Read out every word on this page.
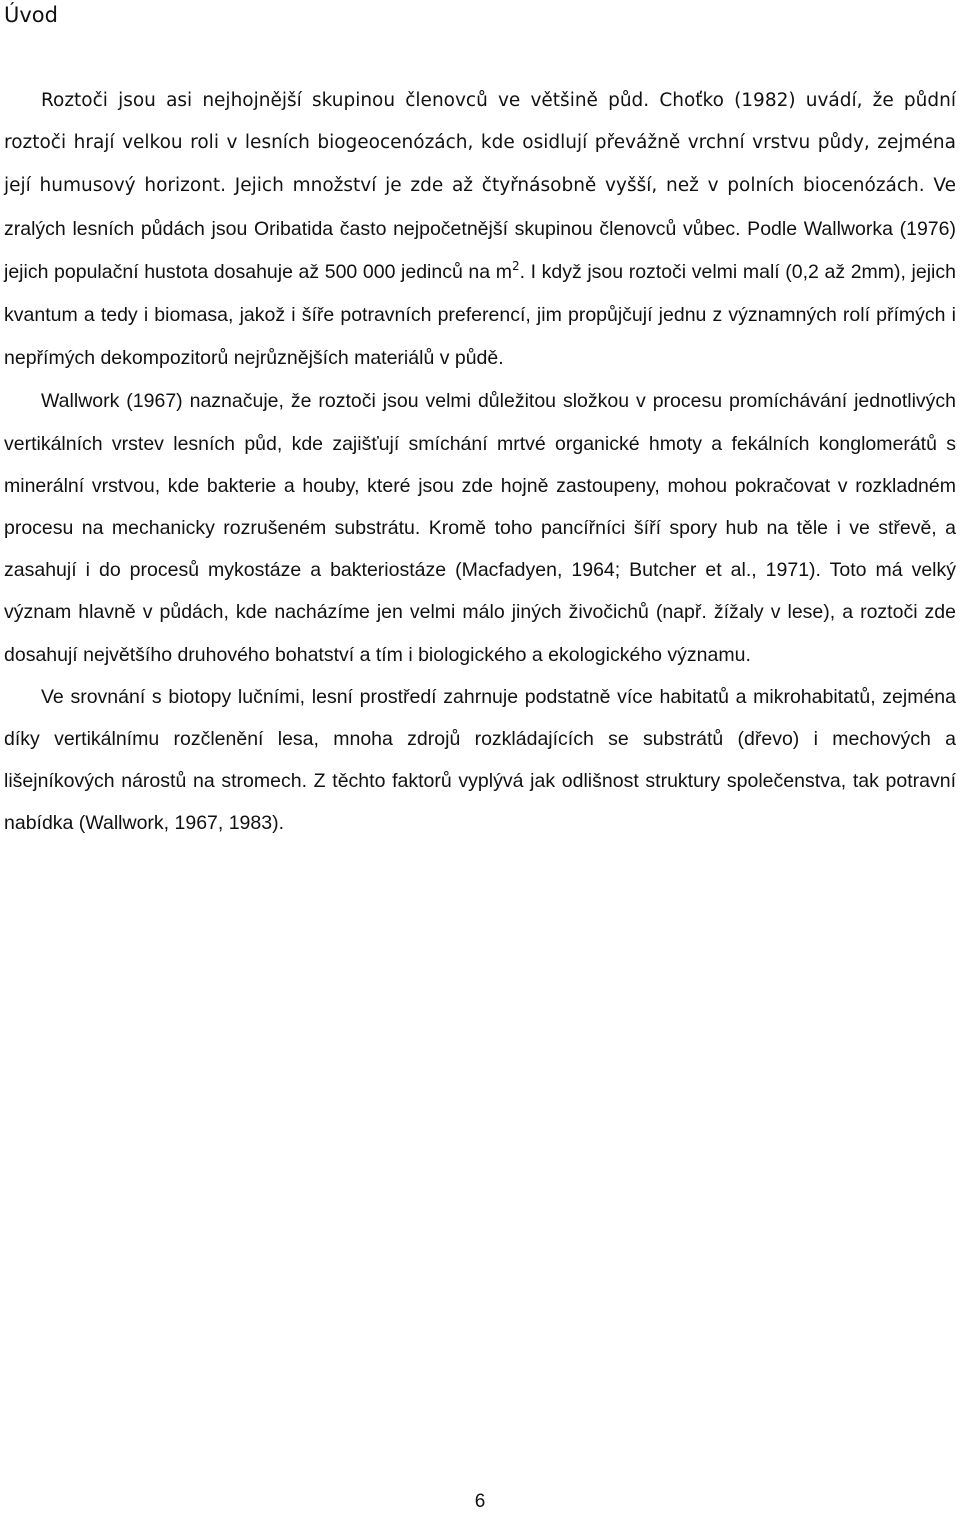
Úvod

Roztoči jsou asi nejhojnější skupinou členovců ve většině půd. Choťko (1982) uvádí, že půdní roztoči hrají velkou roli v lesních biogeocenózách, kde osidlují převážně vrchní vrstvu půdy, zejména její humusový horizont. Jejich množství je zde až čtyřnásobně vyšší, než v polních biocenózách. Ve zralých lesních půdách jsou Oribatida často nejpočetnější skupinou členovců vůbec. Podle Wallworka (1976) jejich populační hustota dosahuje až 500 000 jedinců na $m^2$. I když jsou roztoči velmi malí (0,2 až 2mm), jejich kvantum a tedy i biomasa, jakož i šíře potravních preferencí, jim propůjčují jednu z významných rolí přímých i nepřímých dekompozitorů nejrůznějších materiálů v půdě.

Wallwork (1967) naznačuje, že roztoči jsou velmi důležitou složkou v procesu promíchávání jednotlivých vertikálních vrstev lesních půd, kde zajišťují smíchání mrtvé organické hmoty a fekálních konglomerátů s minerální vrstvou, kde bakterie a houby, které jsou zde hojně zastoupeny, mohou pokračovat v rozkladném procesu na mechanicky rozrušeném substrátu. Kromě toho pancířníci šíří spory hub na těle i ve střevě, a zasahují i do procesů mykostáze a bakteriostáze (Macfadyen, 1964; Butcher et al., 1971). Toto má velký význam hlavně v půdách, kde nacházíme jen velmi málo jiných živočichů (např. žížaly v lese), a roztoči zde dosahují největšího druhového bohatství a tím i biologického a ekologického významu.

Ve srovnání s biotopy lučními, lesní prostředí zahrnuje podstatně více habitatů a mikrohabitatů, zejména díky vertikálnímu rozčlenění lesa, mnoha zdrojů rozkládajících se substrátů (dřevo) i mechových a lišejníkových nárostů na stromech. Z těchto faktorů vyplývá jak odlišnost struktury společenstva, tak potravní nabídka (Wallwork, 1967, 1983).

6
